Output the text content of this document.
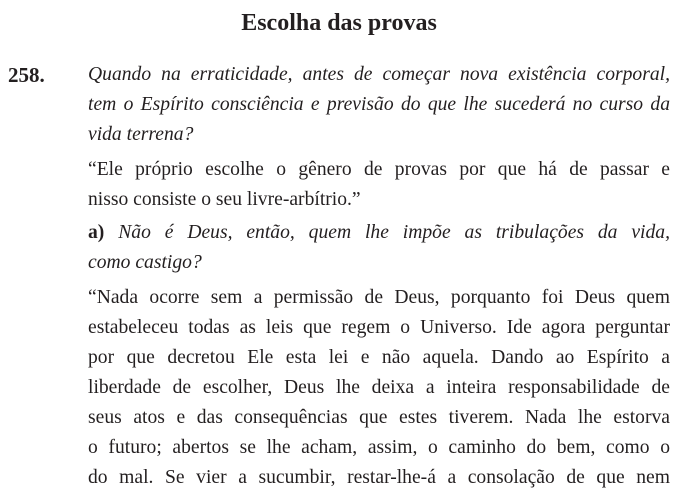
Escolha das provas
258. Quando na erraticidade, antes de começar nova existência corporal,
tem o Espírito consciência e previsão do que lhe sucederá no curso da
vida terrena?
“Ele próprio escolhe o gênero de provas por que há de passar e
nisso consiste o seu livre-arbítrio.”
a) Não é Deus, então, quem lhe impõe as tribulações da vida,
como castigo?
“Nada ocorre sem a permissão de Deus, porquanto foi Deus quem
estabeleceu todas as leis que regem o Universo. Ide agora perguntar
por que decretou Ele esta lei e não aquela. Dando ao Espírito a
liberdade de escolher, Deus lhe deixa a inteira responsabilidade de
seus atos e das consequências que estes tiverem. Nada lhe estorva
o futuro; abertos se lhe acham, assim, o caminho do bem, como o
do mal. Se vier a sucumbir, restar-lhe-á a consolação de que nem
